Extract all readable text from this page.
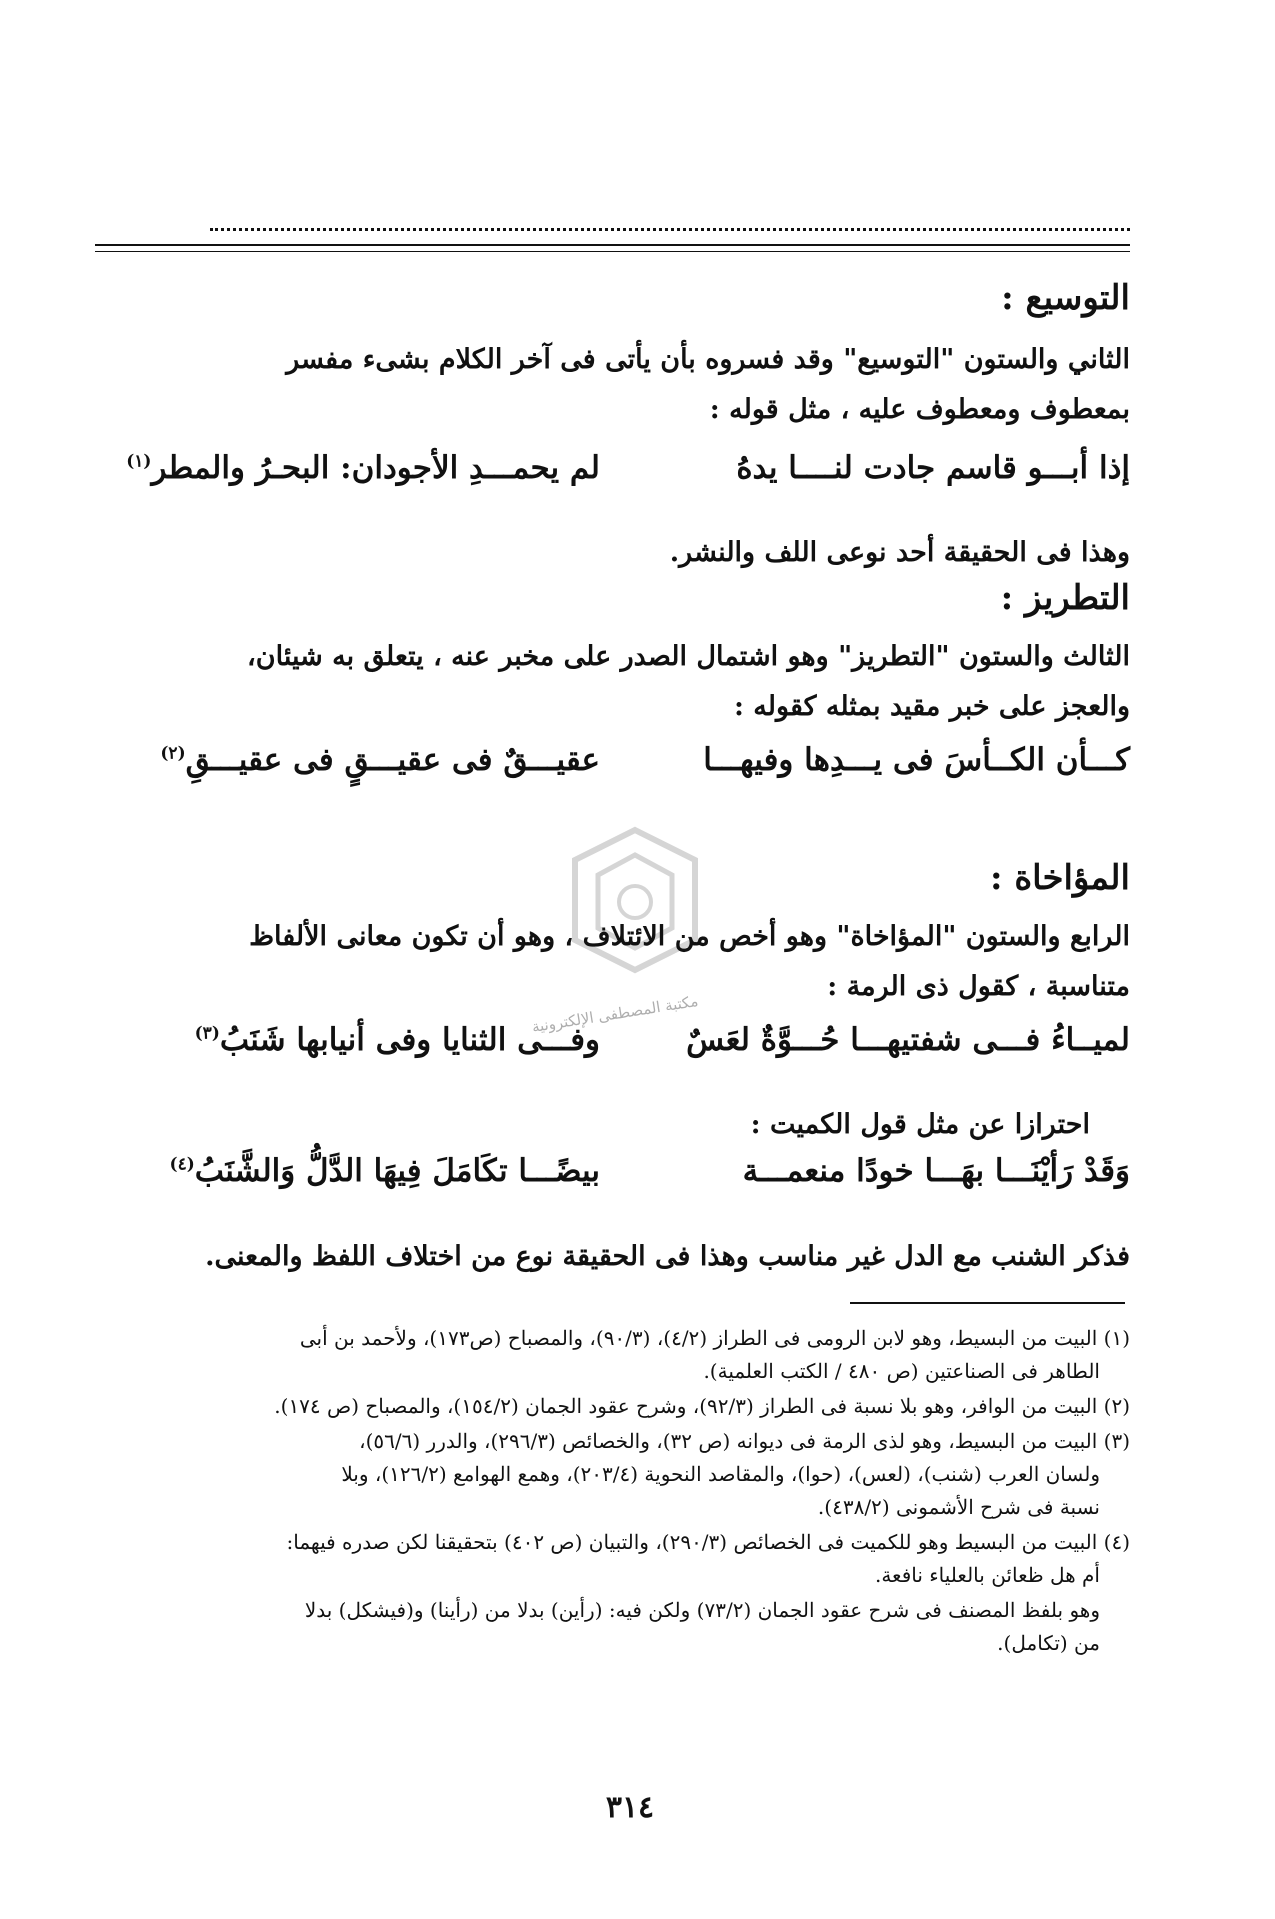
التوسيع :
الثاني والستون "التوسيع" وقد فسروه بأن يأتى فى آخر الكلام بشىء مفسر
بمعطوف ومعطوف عليه ، مثل قوله :
إذا أبـــو قاسم جادت لنــــا يدهُ
لم يحمـــدِ الأجودان: البحـرُ والمطر$^{(١)}$
وهذا فى الحقيقة أحد نوعى اللف والنشر.
التطريز :
الثالث والستون "التطريز" وهو اشتمال الصدر على مخبر عنه ، يتعلق به شيئان،
والعجز على خبر مقيد بمثله كقوله :
كـــأن الكــأسَ فى يـــدِها وفيهـــا
عقيـــقٌ فى عقيـــقٍ فى عقيـــقِ$^{(٢)}$
مكتبة المصطفى الإلكترونية
المؤاخاة :
الرابع والستون "المؤاخاة" وهو أخص من الائتلاف ، وهو أن تكون معانى الألفاظ
متناسبة ، كقول ذى الرمة :
لميــاءُ فـــى شفتيهـــا حُـــوَّةٌ لعَسٌ
وفـــى الثنايا وفى أنيابها شَنَبُ$^{(٣)}$
احترازا عن مثل قول الكميت :
وَقَدْ رَأيْنَـــا بهَـــا خودًا منعمـــة
بيضًـــا تكَامَلَ فِيهَا الدَّلُّ وَالشَّنَبُ$^{(٤)}$
فذكر الشنب مع الدل غير مناسب وهذا فى الحقيقة نوع من اختلاف اللفظ والمعنى.
(١) البيت من البسيط، وهو لابن الرومى فى الطراز (٤/٢)، (٩٠/٣)، والمصباح (ص١٧٣)، ولأحمد بن أبى
الطاهر فى الصناعتين (ص ٤٨٠ / الكتب العلمية).
(٢) البيت من الوافر، وهو بلا نسبة فى الطراز (٩٢/٣)، وشرح عقود الجمان (١٥٤/٢)، والمصباح (ص ١٧٤).
(٣) البيت من البسيط، وهو لذى الرمة فى ديوانه (ص ٣٢)، والخصائص (٢٩٦/٣)، والدرر (٥٦/٦)،
ولسان العرب (شنب)، (لعس)، (حوا)، والمقاصد النحوية (٢٠٣/٤)، وهمع الهوامع (١٢٦/٢)، وبلا
نسبة فى شرح الأشمونى (٤٣٨/٢).
(٤) البيت من البسيط وهو للكميت فى الخصائص (٢٩٠/٣)، والتبيان (ص ٤٠٢) بتحقيقنا لكن صدره فيهما:
أم هل ظعائن بالعلياء نافعة.
وهو بلفظ المصنف فى شرح عقود الجمان (٧٣/٢) ولكن فيه: (رأين) بدلا من (رأينا) و(فيشكل) بدلا
من (تكامل).
٣١٤
